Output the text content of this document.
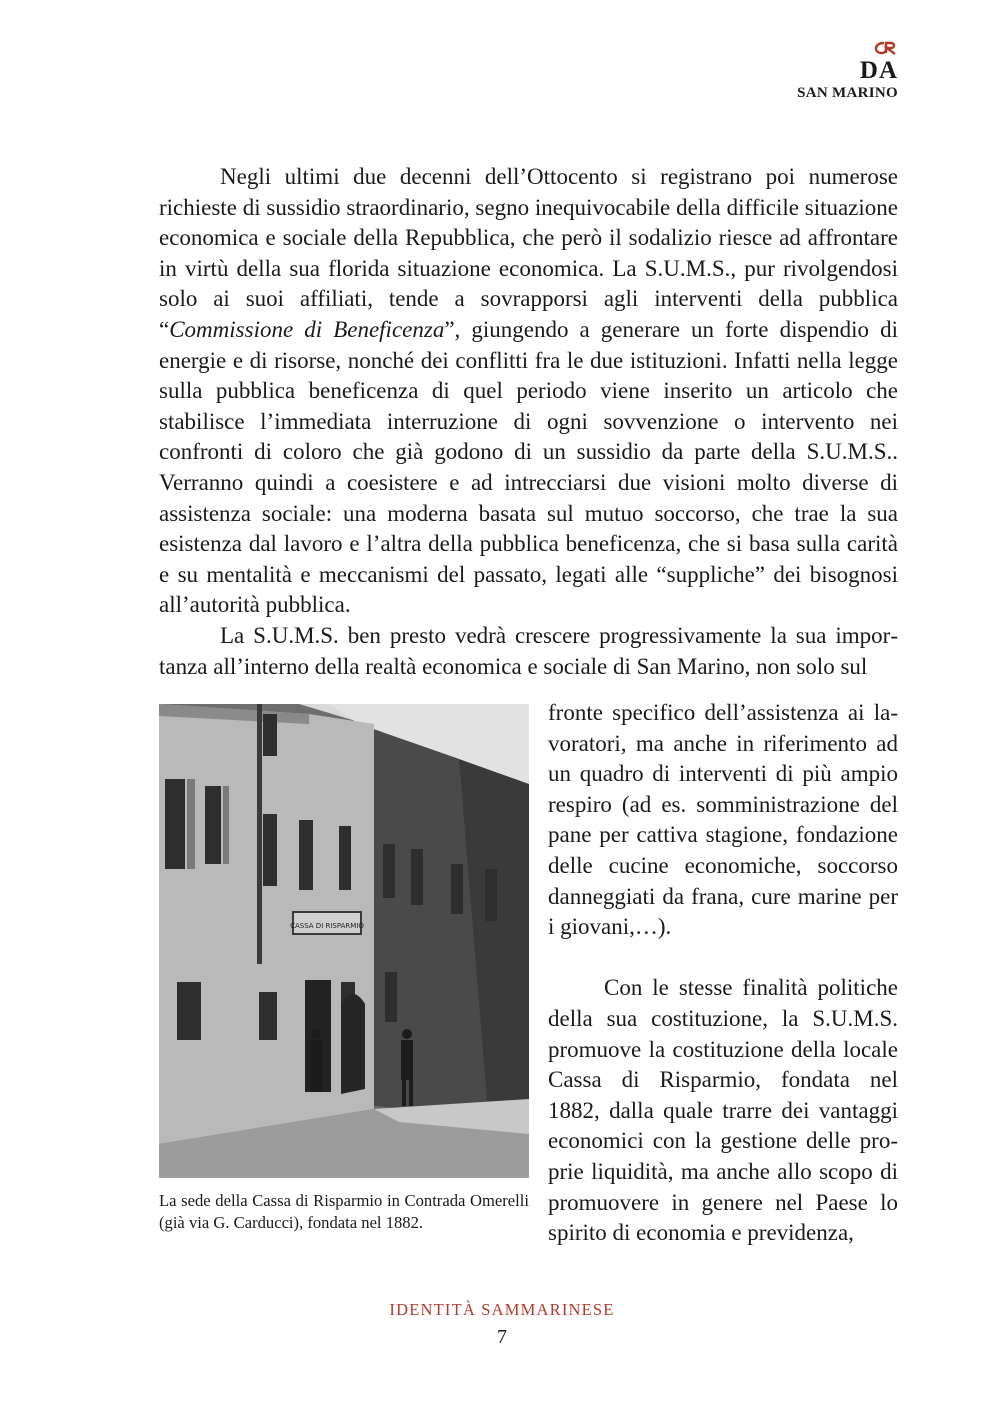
DA
SAN MARINO

Negli ultimi due decenni dell’Ottocento si registrano poi numerose richieste di sussidio straordinario, segno inequivocabile della difficile situazione economica e sociale della Repubblica, che però il sodalizio riesce ad affrontare in virtù della sua florida situazione economica. La S.U.M.S., pur rivolgendosi solo ai suoi affiliati, tende a sovrapporsi agli interventi della pubblica “Commissione di Beneficenza”, giungendo a generare un forte dispendio di energie e di risorse, nonché dei conflitti fra le due istituzioni. Infatti nella legge sulla pubblica beneficenza di quel periodo viene inserito un articolo che stabilisce l’immediata interruzione di ogni sovvenzione o intervento nei confronti di coloro che già godono di un sussidio da parte della S.U.M.S.. Verranno quindi a coesistere e ad intrecciarsi due visioni molto diverse di assistenza sociale: una moderna basata sul mutuo soccorso, che trae la sua esistenza dal lavoro e l’altra della pubblica beneficenza, che si basa sulla carità e su mentalità e meccanismi del passato, legati alle “suppliche” dei bisognosi all’autorità pubblica.

La S.U.M.S. ben presto vedrà crescere progressivamente la sua importanza all’interno della realtà economica e sociale di San Marino, non solo sul

CASSA DI RISPARMIO
La sede della Cassa di Risparmio in Contrada Omerelli (già via G. Carducci), fondata nel 1882.

fronte specifico dell’assistenza ai lavoratori, ma anche in riferimento ad un quadro di interventi di più ampio respiro (ad es. somministrazione del pane per cattiva stagione, fondazione delle cucine economiche, soccorso danneggiati da frana, cure marine per i giovani,…).

Con le stesse finalità politiche della sua costituzione, la S.U.M.S. promuove la costituzione della locale Cassa di Risparmio, fondata nel 1882, dalla quale trarre dei vantaggi economici con la gestione delle proprie liquidità, ma anche allo scopo di promuovere in genere nel Paese lo spirito di economia e previdenza,

IDENTITÀ SAMMARINESE
7
